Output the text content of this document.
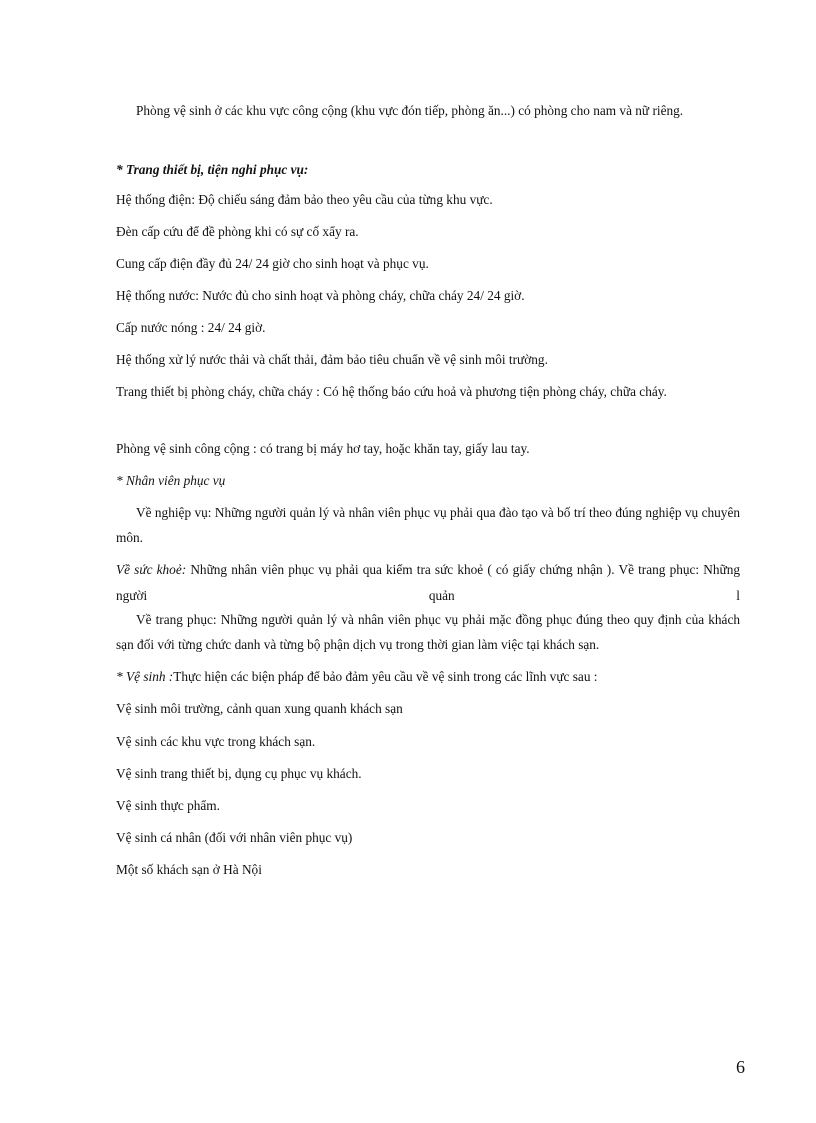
Phòng vệ sinh ở các khu vực công cộng (khu vực đón tiếp, phòng ăn...) có phòng cho nam và nữ riêng.
* Trang thiết bị, tiện nghi phục vụ:
Hệ thống điện: Độ chiếu sáng đảm bảo theo yêu cầu của từng khu vực.
Đèn cấp cứu để đề phòng khi có sự cố xẩy ra.
Cung cấp điện đầy đủ 24/ 24 giờ cho sinh hoạt và phục vụ.
Hệ thống nước: Nước đủ cho sinh hoạt và phòng cháy, chữa cháy 24/ 24 giờ.
Cấp nước nóng : 24/ 24 giờ.
Hệ thống xử lý nước thải và chất thải, đảm bảo tiêu chuẩn về vệ sinh môi trường.
Trang thiết bị phòng cháy, chữa cháy : Có hệ thống báo cứu hoả và phương tiện phòng cháy, chữa cháy.
Phòng vệ sinh công cộng : có trang bị máy hơ tay, hoặc khăn tay, giấy lau tay.
* Nhân viên phục vụ
Về nghiệp vụ: Những người quản lý và nhân viên phục vụ phải qua đào tạo và bố trí theo đúng nghiệp vụ chuyên môn.
Về sức khoẻ: Những nhân viên phục vụ phải qua kiểm tra sức khoẻ ( có giấy chứng nhận ). Về trang phục: Những người quản l
Về trang phục: Những người quản lý và nhân viên phục vụ phải mặc đồng phục đúng theo quy định của khách sạn đối với từng chức danh và từng bộ phận dịch vụ trong thời gian làm việc tại khách sạn.
* Vệ sinh :Thực hiện các biện pháp để bảo đảm yêu cầu về vệ sinh trong các lĩnh vực sau :
Vệ sinh môi trường, cảnh quan xung quanh khách sạn
Vệ sinh các khu vực trong khách sạn.
Vệ sinh trang thiết bị, dụng cụ phục vụ khách.
Vệ sinh thực phẩm.
Vệ sinh cá nhân (đối với nhân viên phục vụ)
Một số khách sạn ở Hà Nội
6
